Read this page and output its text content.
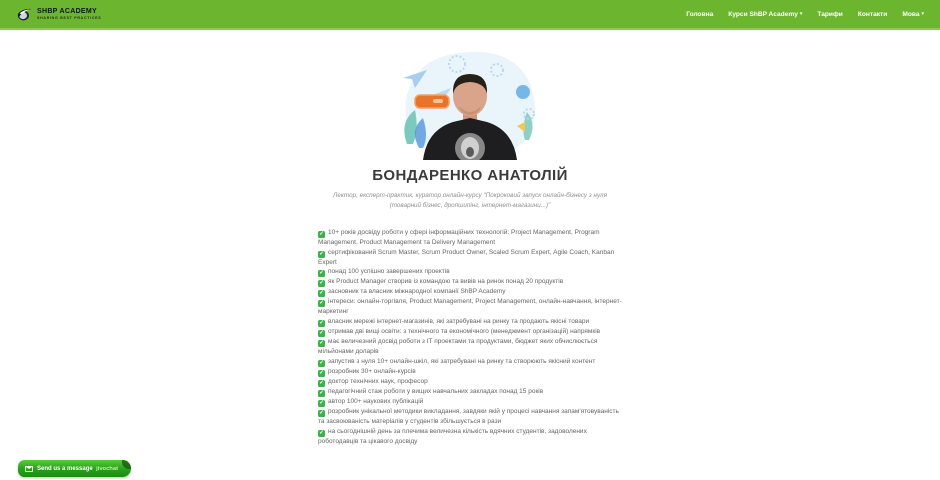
SHBP ACADEMY
SHARING BEST PRACTICES	Головна Курси ShBP Academy ▾ Тарифи Контакти Мова ▾
БОНДАРЕНКО АНАТОЛІЙ
Лектор, експерт-практик, куратор онлайн-курсу "Покроковий запуск онлайн-бізнесу з нуля (товарний бізнес, дропшипінг, інтернет-магазини...)"
✓ 10+ років досвіду роботи у сфері інформаційних технологій: Project Management, Program Management, Product Management та Delivery Management
✓ сертифікований Scrum Master, Scrum Product Owner, Scaled Scrum Expert, Agile Coach, Kanban Expert
✓ понад 100 успішно завершених проектів
✓ як Product Manager створив із командою та вивів на ринок понад 20 продуктів
✓ засновник та власник міжнародної компанії ShBP Academy
✓ інтереси: онлайн-торгівля, Product Management, Project Management, онлайн-навчання, інтернет-маркетинг
✓ власник мережі інтернет-магазинів, які затребувані на ринку та продають якісні товари
✓ отримав дві вищі освіти: з технічного та економічного (менеджмент організацій) напрямків
✓ має величезний досвід роботи з ІТ проектами та продуктами, бюджет яких обчислюється мільйонами доларів
✓ запустив з нуля 10+ онлайн-шкіл, які затребувані на ринку та створюють якісний контент
✓ розробник 30+ онлайн-курсів
✓ доктор технічних наук, професор
✓ педагогічний стаж роботи у вищих навчальних закладах понад 15 років
✓ автор 100+ наукових публікацій
✓ розробник унікальної методики викладання, завдяки якій у процесі навчання запам'ятовуваність та засвоюваність матеріалів у студентів збільшується в рази
✓ на сьогоднішній день за плечима величезна кількість вдячних студентів, задоволених роботодавців та цікавого досвіду
Send us a message jivochat
